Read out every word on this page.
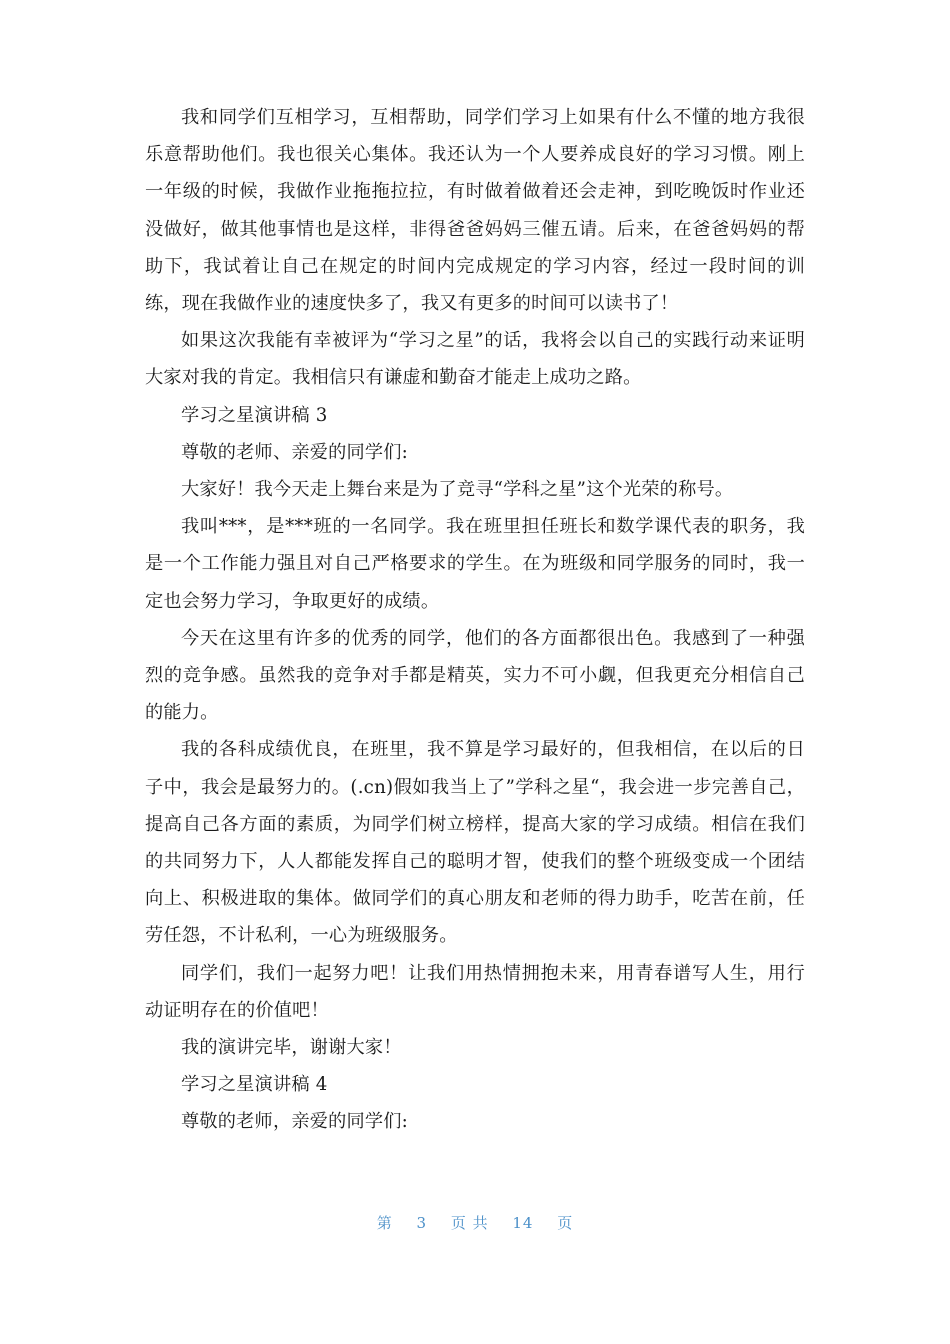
我和同学们互相学习，互相帮助，同学们学习上如果有什么不懂的地方我很乐意帮助他们。我也很关心集体。我还认为一个人要养成良好的学习习惯。刚上一年级的时候，我做作业拖拖拉拉，有时做着做着还会走神，到吃晚饭时作业还没做好，做其他事情也是这样，非得爸爸妈妈三催五请。后来，在爸爸妈妈的帮助下，我试着让自己在规定的时间内完成规定的学习内容，经过一段时间的训练，现在我做作业的速度快多了，我又有更多的时间可以读书了！

如果这次我能有幸被评为“学习之星”的话，我将会以自己的实践行动来证明大家对我的肯定。我相信只有谦虚和勤奋才能走上成功之路。

学习之星演讲稿 3

尊敬的老师、亲爱的同学们:

大家好！我今天走上舞台来是为了竞寻“学科之星”这个光荣的称号。

我叫***，是***班的一名同学。我在班里担任班长和数学课代表的职务，我是一个工作能力强且对自己严格要求的学生。在为班级和同学服务的同时，我一定也会努力学习，争取更好的成绩。

今天在这里有许多的优秀的同学，他们的各方面都很出色。我感到了一种强烈的竞争感。虽然我的竞争对手都是精英，实力不可小觑，但我更充分相信自己的能力。

我的各科成绩优良，在班里，我不算是学习最好的，但我相信，在以后的日子中，我会是最努力的。(.cn)假如我当上了”学科之星“，我会进一步完善自己，提高自己各方面的素质，为同学们树立榜样，提高大家的学习成绩。相信在我们的共同努力下，人人都能发挥自己的聪明才智，使我们的整个班级变成一个团结向上、积极进取的集体。做同学们的真心朋友和老师的得力助手，吃苦在前，任劳任怨，不计私利，一心为班级服务。

同学们，我们一起努力吧！让我们用热情拥抱未来，用青春谱写人生，用行动证明存在的价值吧！

我的演讲完毕，谢谢大家！

学习之星演讲稿 4

尊敬的老师，亲爱的同学们:

第 3 页 共 14 页
